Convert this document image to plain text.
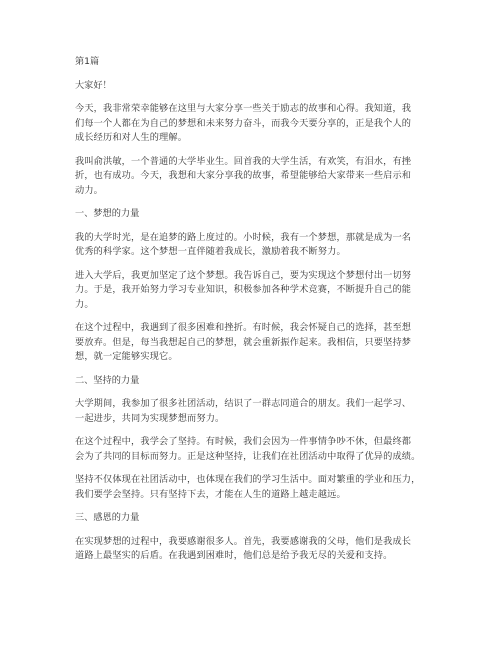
第1篇

大家好！

今天，我非常荣幸能够在这里与大家分享一些关于励志的故事和心得。我知道，我

们每一个人都在为自己的梦想和未来努力奋斗，而我今天要分享的，正是我个人的

成长经历和对人生的理解。

我叫俞洪敏，一个普通的大学毕业生。回首我的大学生活，有欢笑，有泪水，有挫

折，也有成功。今天，我想和大家分享我的故事，希望能够给大家带来一些启示和

动力。

一、梦想的力量

我的大学时光，是在追梦的路上度过的。小时候，我有一个梦想，那就是成为一名

优秀的科学家。这个梦想一直伴随着我成长，激励着我不断努力。

进入大学后，我更加坚定了这个梦想。我告诉自己，要为实现这个梦想付出一切努

力。于是，我开始努力学习专业知识，积极参加各种学术竞赛，不断提升自己的能

力。

在这个过程中，我遇到了很多困难和挫折。有时候，我会怀疑自己的选择，甚至想

要放弃。但是，每当我想起自己的梦想，就会重新振作起来。我相信，只要坚持梦

想，就一定能够实现它。

二、坚持的力量

大学期间，我参加了很多社团活动，结识了一群志同道合的朋友。我们一起学习、

一起进步，共同为实现梦想而努力。

在这个过程中，我学会了坚持。有时候，我们会因为一件事情争吵不休，但最终都

会为了共同的目标而努力。正是这种坚持，让我们在社团活动中取得了优异的成绩。

坚持不仅体现在社团活动中，也体现在我们的学习生活中。面对繁重的学业和压力，

我们要学会坚持。只有坚持下去，才能在人生的道路上越走越远。

三、感恩的力量

在实现梦想的过程中，我要感谢很多人。首先，我要感谢我的父母，他们是我成长

道路上最坚实的后盾。在我遇到困难时，他们总是给予我无尽的关爱和支持。
